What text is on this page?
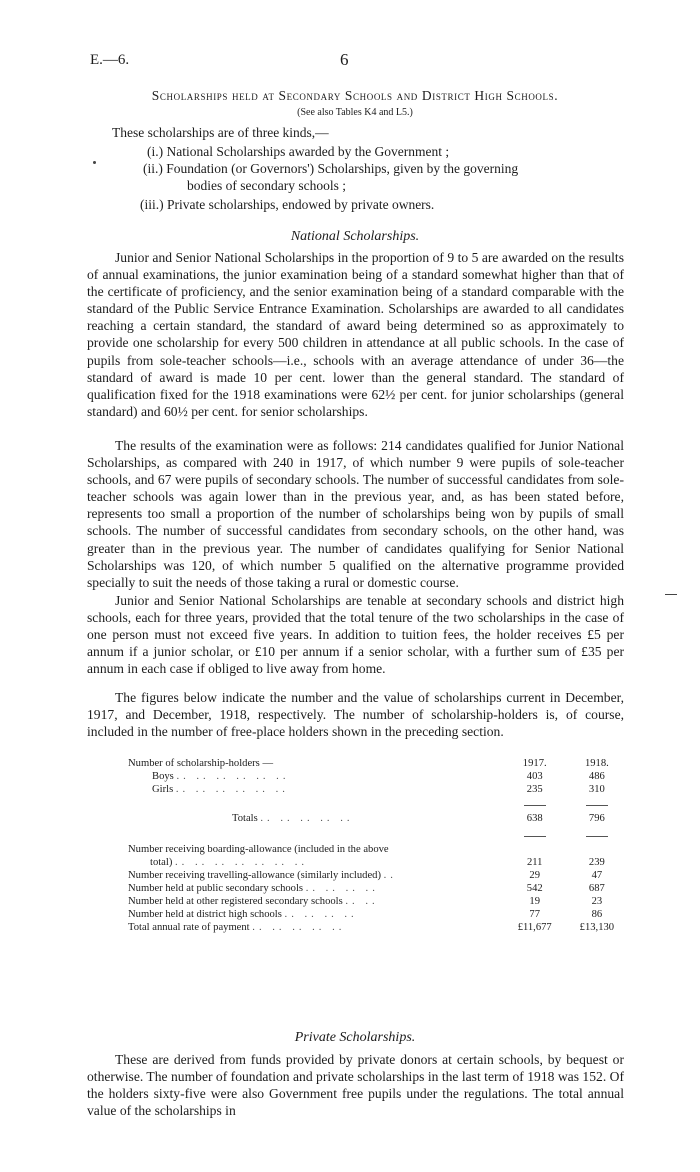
E.—6.	6
Scholarships held at Secondary Schools and District High Schools.
(See also Tables K4 and L5.)
These scholarships are of three kinds,—
(i.) National Scholarships awarded by the Government ;
(ii.) Foundation (or Governors') Scholarships, given by the governing
bodies of secondary schools ;
(iii.) Private scholarships, endowed by private owners.
National Scholarships.

Junior and Senior National Scholarships in the proportion of 9 to 5 are awarded on the results of annual examinations, the junior examination being of a standard somewhat higher than that of the certificate of proficiency, and the senior examination being of a standard comparable with the standard of the Public Service Entrance Examination. Scholarships are awarded to all candidates reaching a certain standard, the standard of award being determined so as approximately to provide one scholarship for every 500 children in attendance at all public schools. In the case of pupils from sole-teacher schools—i.e., schools with an average attendance of under 36—the standard of award is made 10 per cent. lower than the general standard. The standard of qualification fixed for the 1918 examinations were 62½ per cent. for junior scholarships (general standard) and 60½ per cent. for senior scholarships.

The results of the examination were as follows: 214 candidates qualified for Junior National Scholarships, as compared with 240 in 1917, of which number 9 were pupils of sole-teacher schools, and 67 were pupils of secondary schools. The number of successful candidates from sole-teacher schools was again lower than in the previous year, and, as has been stated before, represents too small a proportion of the number of scholarships being won by pupils of small schools. The number of successful candidates from secondary schools, on the other hand, was greater than in the previous year. The number of candidates qualifying for Senior National Scholarships was 120, of which number 5 qualified on the alternative programme provided specially to suit the needs of those taking a rural or domestic course.

Junior and Senior National Scholarships are tenable at secondary schools and district high schools, each for three years, provided that the total tenure of the two scholarships in the case of one person must not exceed five years. In addition to tuition fees, the holder receives £5 per annum if a junior scholar, or £10 per annum if a senior scholar, with a further sum of £35 per annum in each case if obliged to live away from home.

The figures below indicate the number and the value of scholarships current in December, 1917, and December, 1918, respectively. The number of scholarship-holders is, of course, included in the number of free-place holders shown in the preceding section.

Number of scholarship-holders —	1917.	1918.
Boys .. .. .. .. .. ..	403	486
Girls .. .. .. .. .. ..	235	310

Totals .. .. .. .. ..	638	796

Number receiving boarding-allowance (included in the above		
total) .. .. .. .. .. .. ..	211	239
Number receiving travelling-allowance (similarly included) ..	29	47
Number held at public secondary schools .. .. .. ..	542	687
Number held at other registered secondary schools .. ..	19	23
Number held at district high schools .. .. .. ..	77	86
Total annual rate of payment .. .. .. .. ..	£11,677	£13,130
Private Scholarships.

These are derived from funds provided by private donors at certain schools, by bequest or otherwise. The number of foundation and private scholarships in the last term of 1918 was 152. Of the holders sixty-five were also Government free pupils under the regulations. The total annual value of the scholarships in
